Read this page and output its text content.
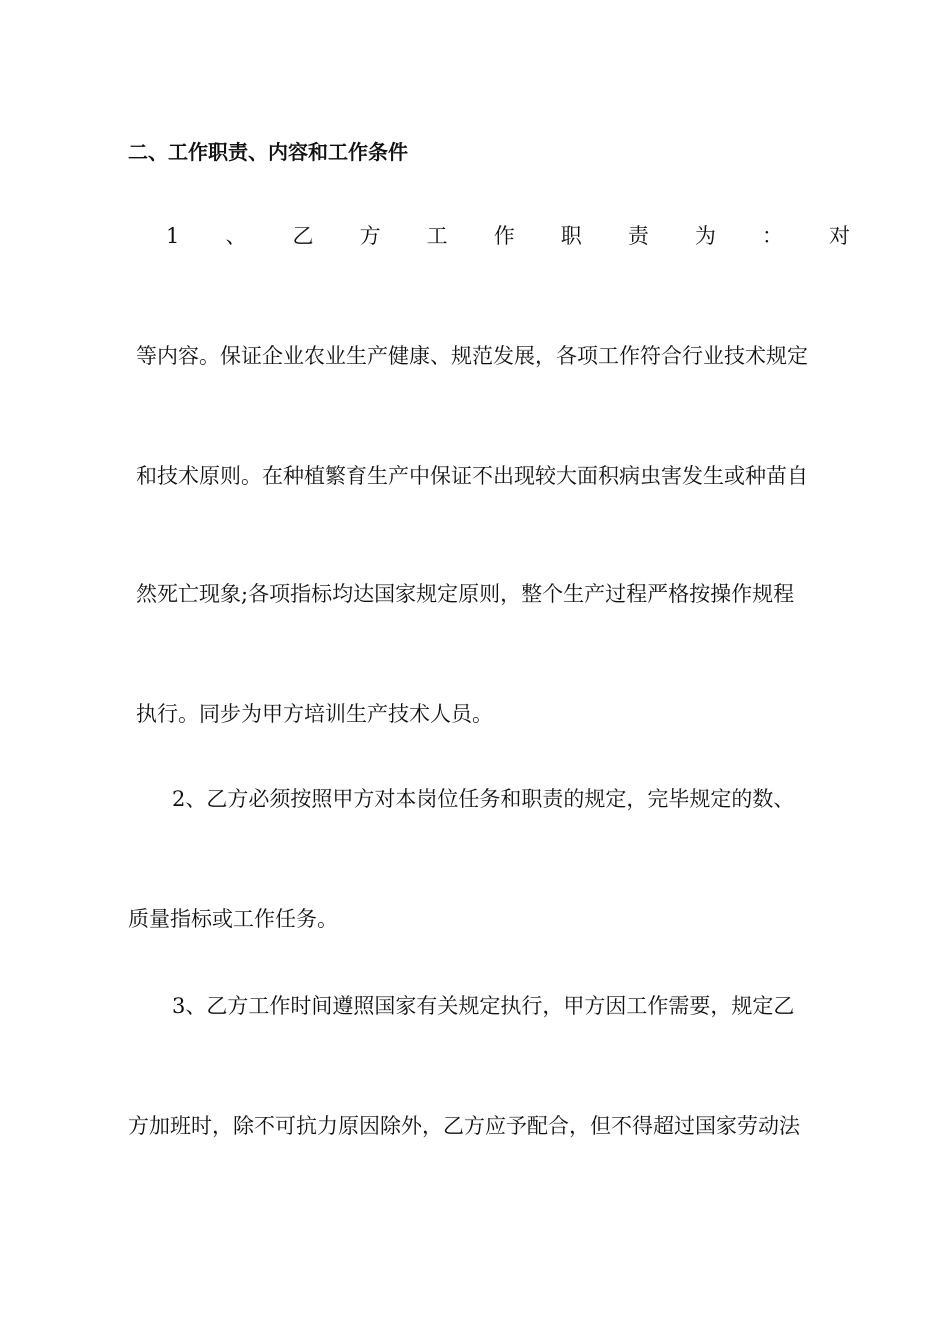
二、工作职责、内容和工作条件
1 、 乙 方 工 作 职 责 为 ： 对

等内容。保证企业农业生产健康、规范发展，各项工作符合行业技术规定

和技术原则。在种植繁育生产中保证不出现较大面积病虫害发生或种苗自

然死亡现象;各项指标均达国家规定原则，整个生产过程严格按操作规程

执行。同步为甲方培训生产技术人员。

2、乙方必须按照甲方对本岗位任务和职责的规定，完毕规定的数、

质量指标或工作任务。

3、乙方工作时间遵照国家有关规定执行，甲方因工作需要，规定乙

方加班时，除不可抗力原因除外，乙方应予配合，但不得超过国家劳动法
